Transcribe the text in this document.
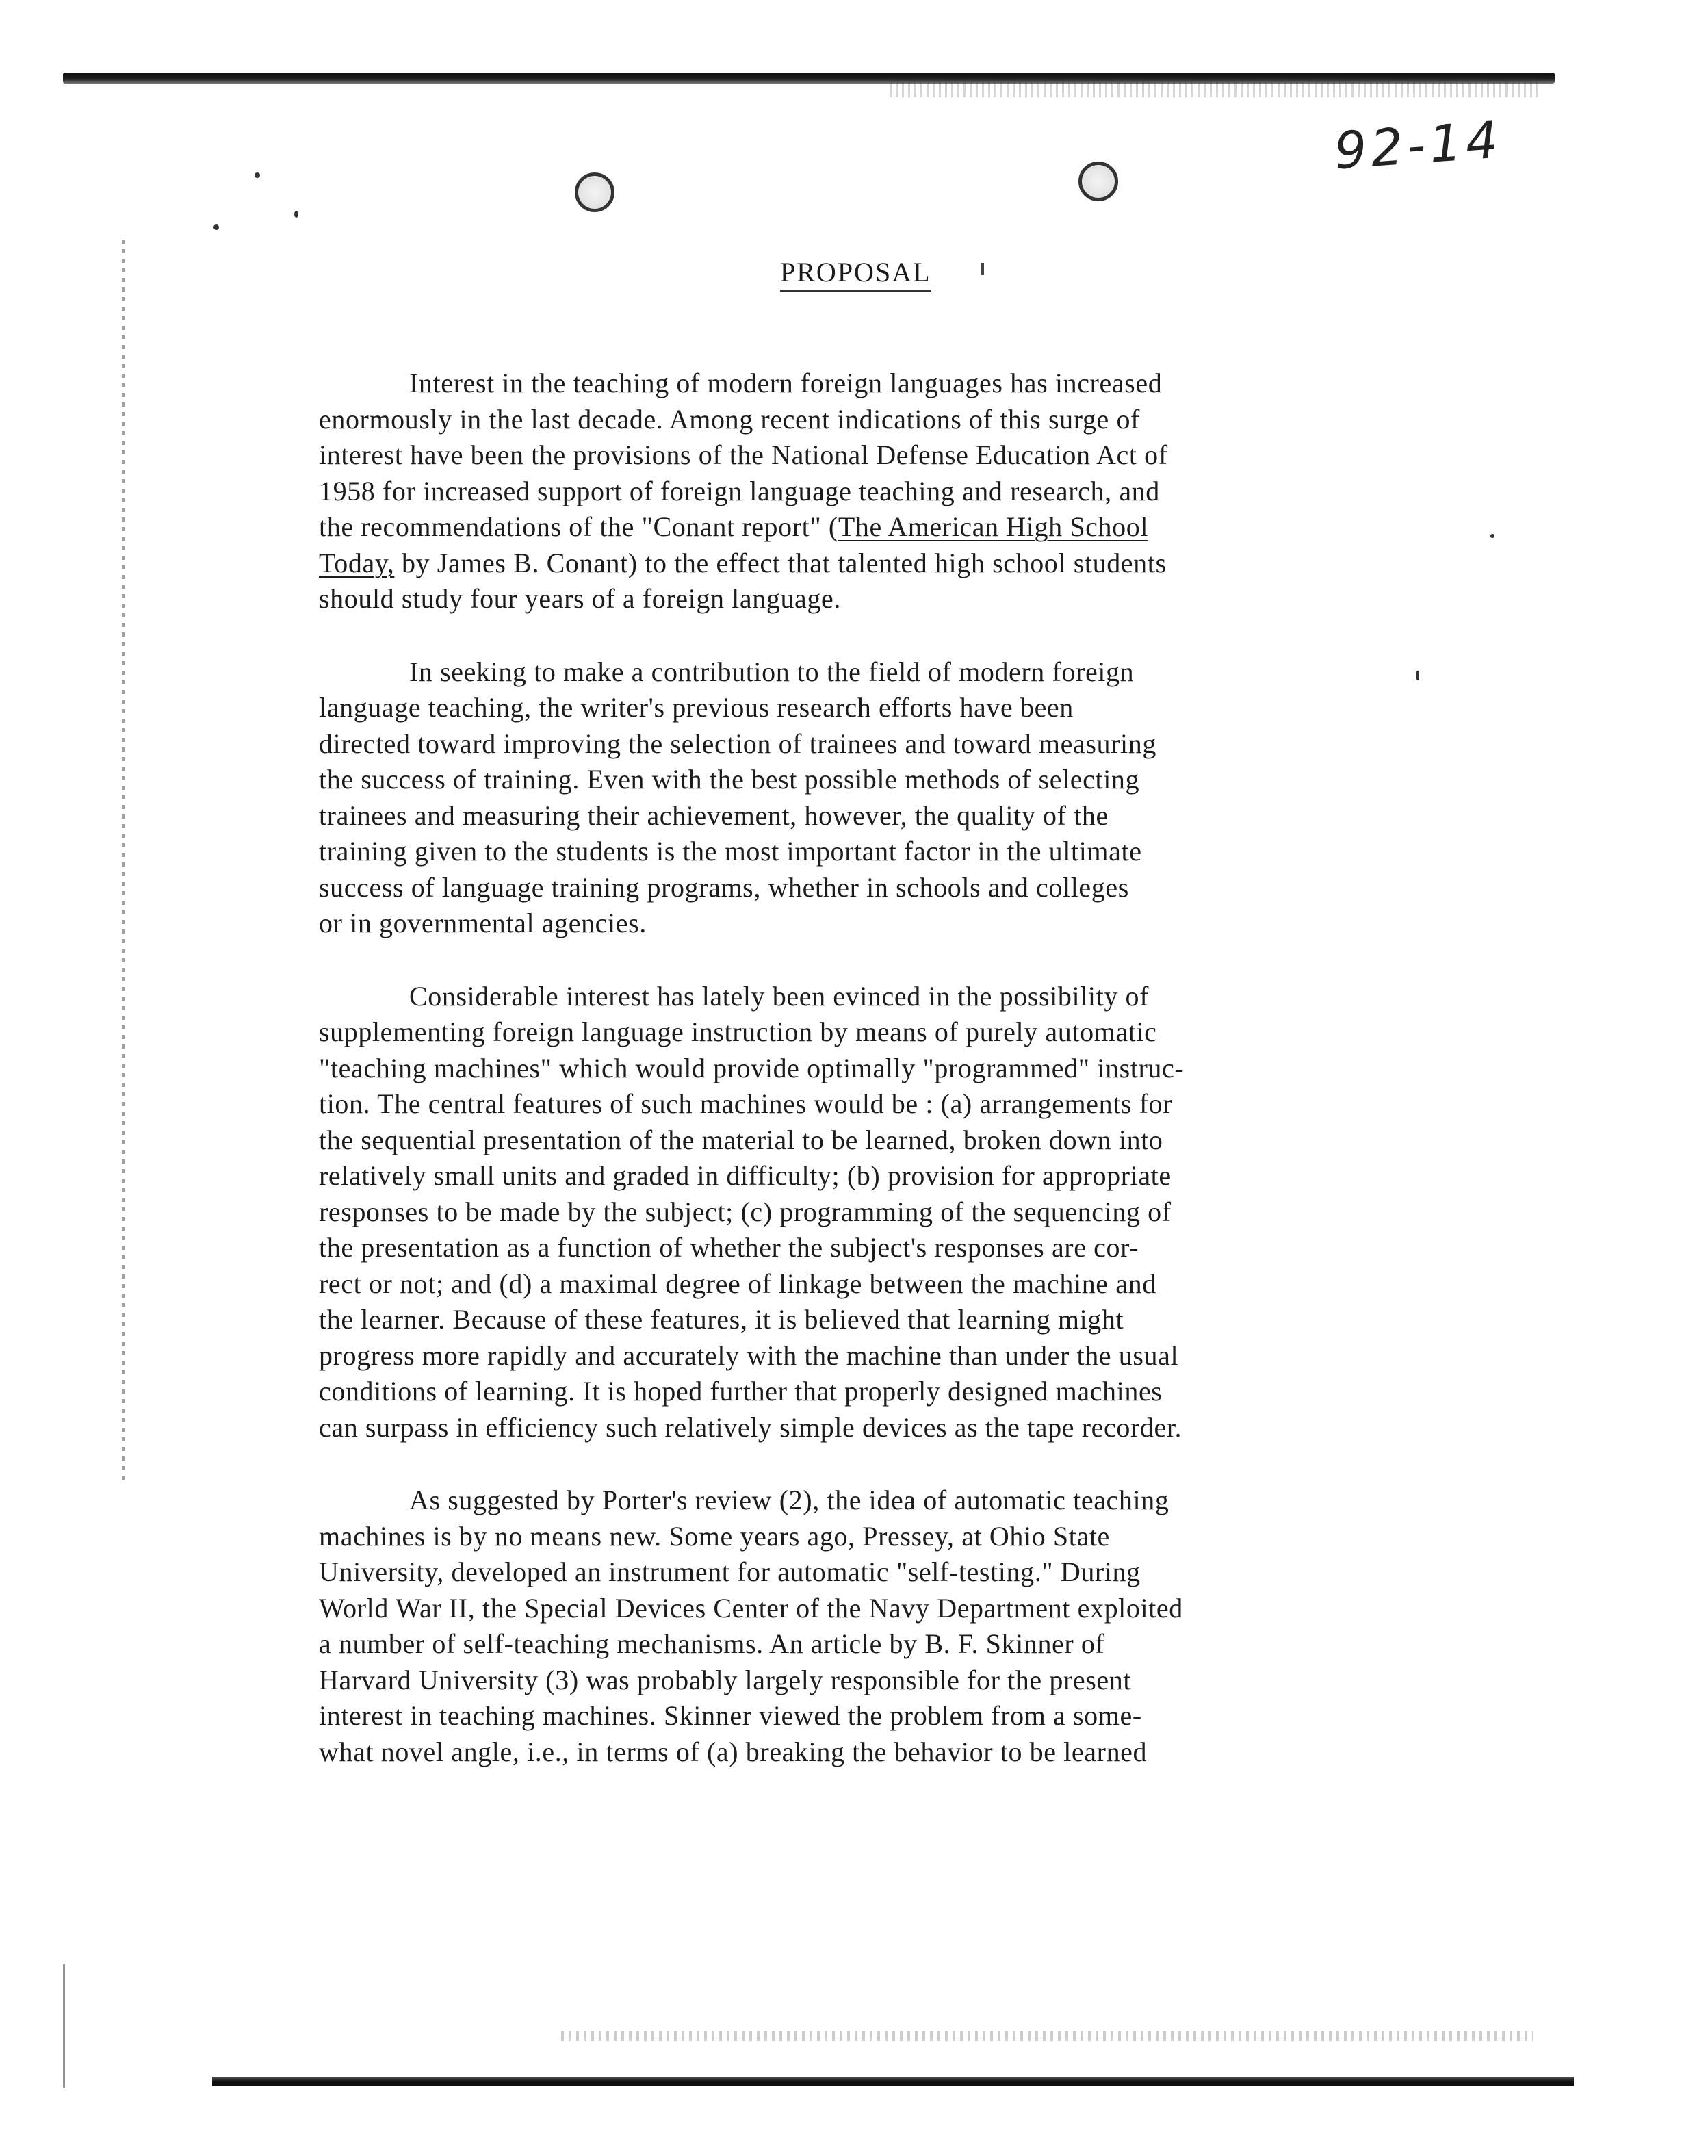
92-14
PROPOSAL
Interest in the teaching of modern foreign languages has increased
enormously in the last decade. Among recent indications of this surge of
interest have been the provisions of the National Defense Education Act of
1958 for increased support of foreign language teaching and research, and
the recommendations of the "Conant report" (The American High School
Today, by James B. Conant) to the effect that talented high school students
should study four years of a foreign language.
In seeking to make a contribution to the field of modern foreign
language teaching, the writer's previous research efforts have been
directed toward improving the selection of trainees and toward measuring
the success of training. Even with the best possible methods of selecting
trainees and measuring their achievement, however, the quality of the
training given to the students is the most important factor in the ultimate
success of language training programs, whether in schools and colleges
or in governmental agencies.
Considerable interest has lately been evinced in the possibility of
supplementing foreign language instruction by means of purely automatic
"teaching machines" which would provide optimally "programmed" instruc-
tion. The central features of such machines would be : (a) arrangements for
the sequential presentation of the material to be learned, broken down into
relatively small units and graded in difficulty; (b) provision for appropriate
responses to be made by the subject; (c) programming of the sequencing of
the presentation as a function of whether the subject's responses are cor-
rect or not; and (d) a maximal degree of linkage between the machine and
the learner. Because of these features, it is believed that learning might
progress more rapidly and accurately with the machine than under the usual
conditions of learning. It is hoped further that properly designed machines
can surpass in efficiency such relatively simple devices as the tape recorder.
As suggested by Porter's review (2), the idea of automatic teaching
machines is by no means new. Some years ago, Pressey, at Ohio State
University, developed an instrument for automatic "self-testing." During
World War II, the Special Devices Center of the Navy Department exploited
a number of self-teaching mechanisms. An article by B. F. Skinner of
Harvard University (3) was probably largely responsible for the present
interest in teaching machines. Skinner viewed the problem from a some-
what novel angle, i.e., in terms of (a) breaking the behavior to be learned
